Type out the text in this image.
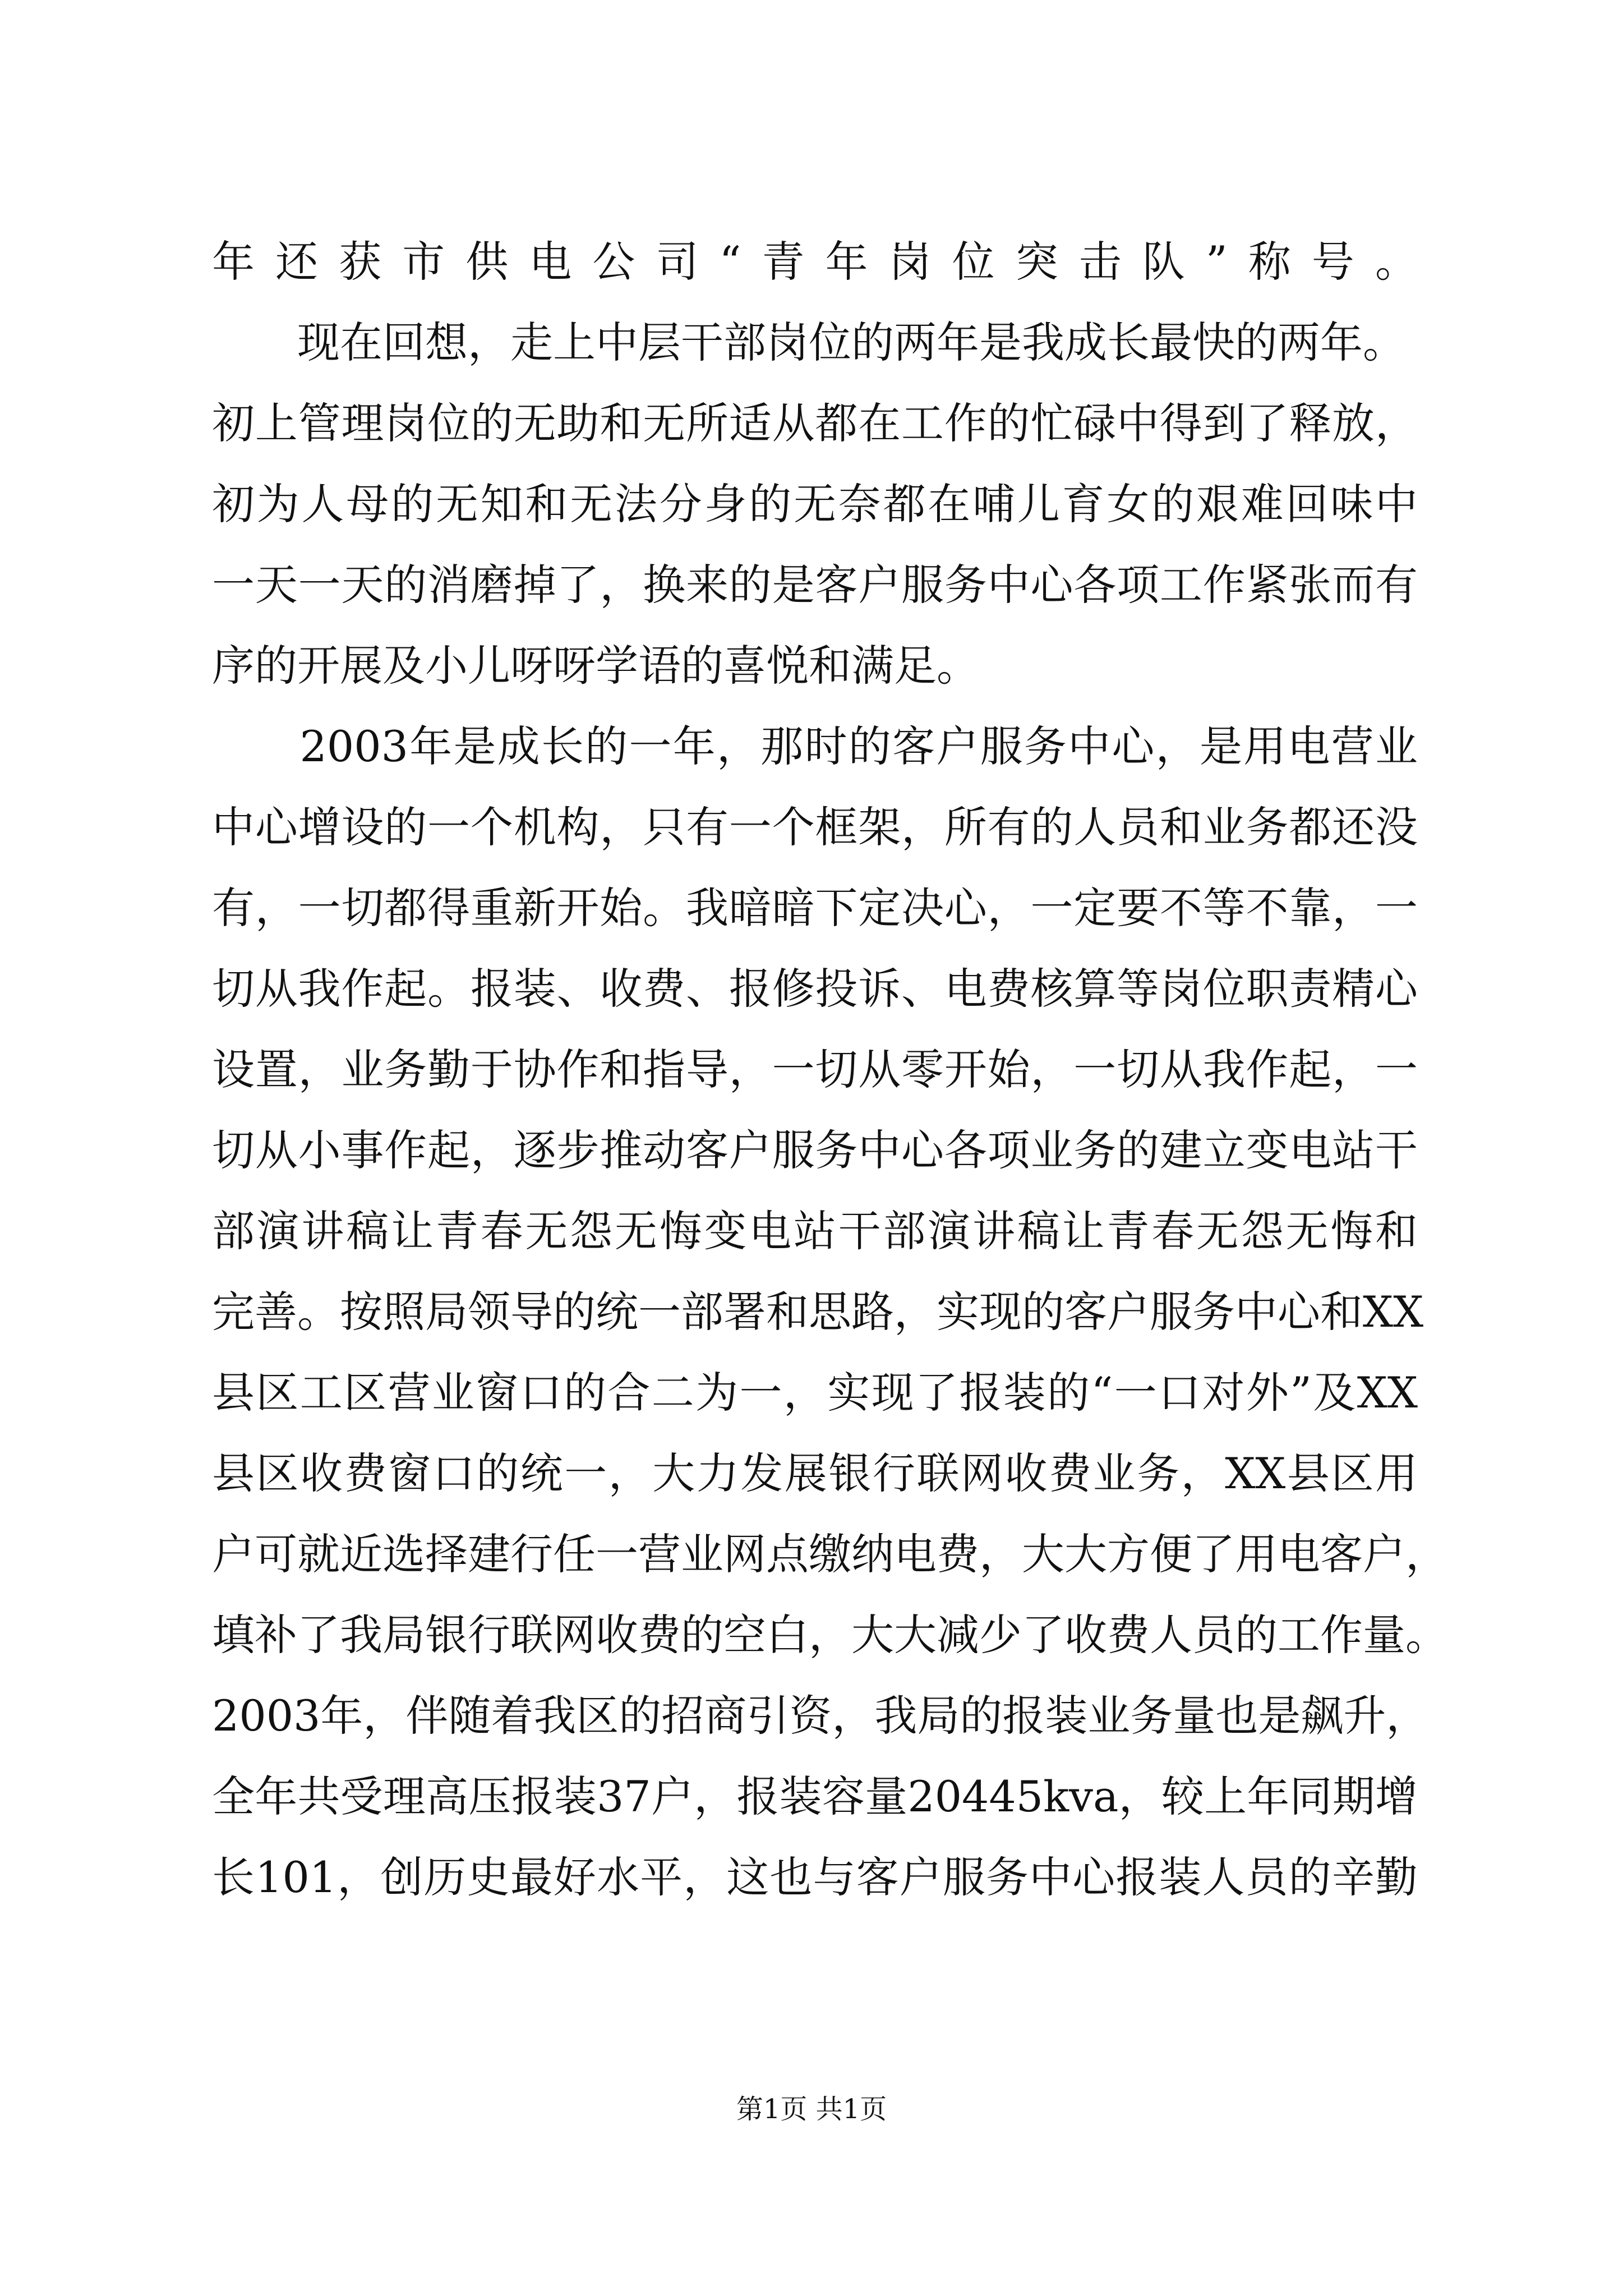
年还获市供电公司“青年岗位突击队”称号。
　　现在回想，走上中层干部岗位的两年是我成长最快的两年。
初上管理岗位的无助和无所适从都在工作的忙碌中得到了释放，
初为人母的无知和无法分身的无奈都在哺儿育女的艰难回味中
一天一天的消磨掉了，换来的是客户服务中心各项工作紧张而有
序的开展及小儿呀呀学语的喜悦和满足。
　　2003年是成长的一年，那时的客户服务中心，是用电营业
中心增设的一个机构，只有一个框架，所有的人员和业务都还没
有，一切都得重新开始。我暗暗下定决心，一定要不等不靠，一
切从我作起。报装、收费、报修投诉、电费核算等岗位职责精心
设置，业务勤于协作和指导，一切从零开始，一切从我作起，一
切从小事作起，逐步推动客户服务中心各项业务的建立变电站干
部演讲稿让青春无怨无悔变电站干部演讲稿让青春无怨无悔和
完善。按照局领导的统一部署和思路，实现的客户服务中心和XX
县区工区营业窗口的合二为一，实现了报装的“一口对外”及XX
县区收费窗口的统一，大力发展银行联网收费业务，XX县区用
户可就近选择建行任一营业网点缴纳电费，大大方便了用电客户，
填补了我局银行联网收费的空白，大大减少了收费人员的工作量。
2003年，伴随着我区的招商引资，我局的报装业务量也是飙升，
全年共受理高压报装37户，报装容量20445kva，较上年同期增
长101，创历史最好水平，这也与客户服务中心报装人员的辛勤
第1页 共1页
